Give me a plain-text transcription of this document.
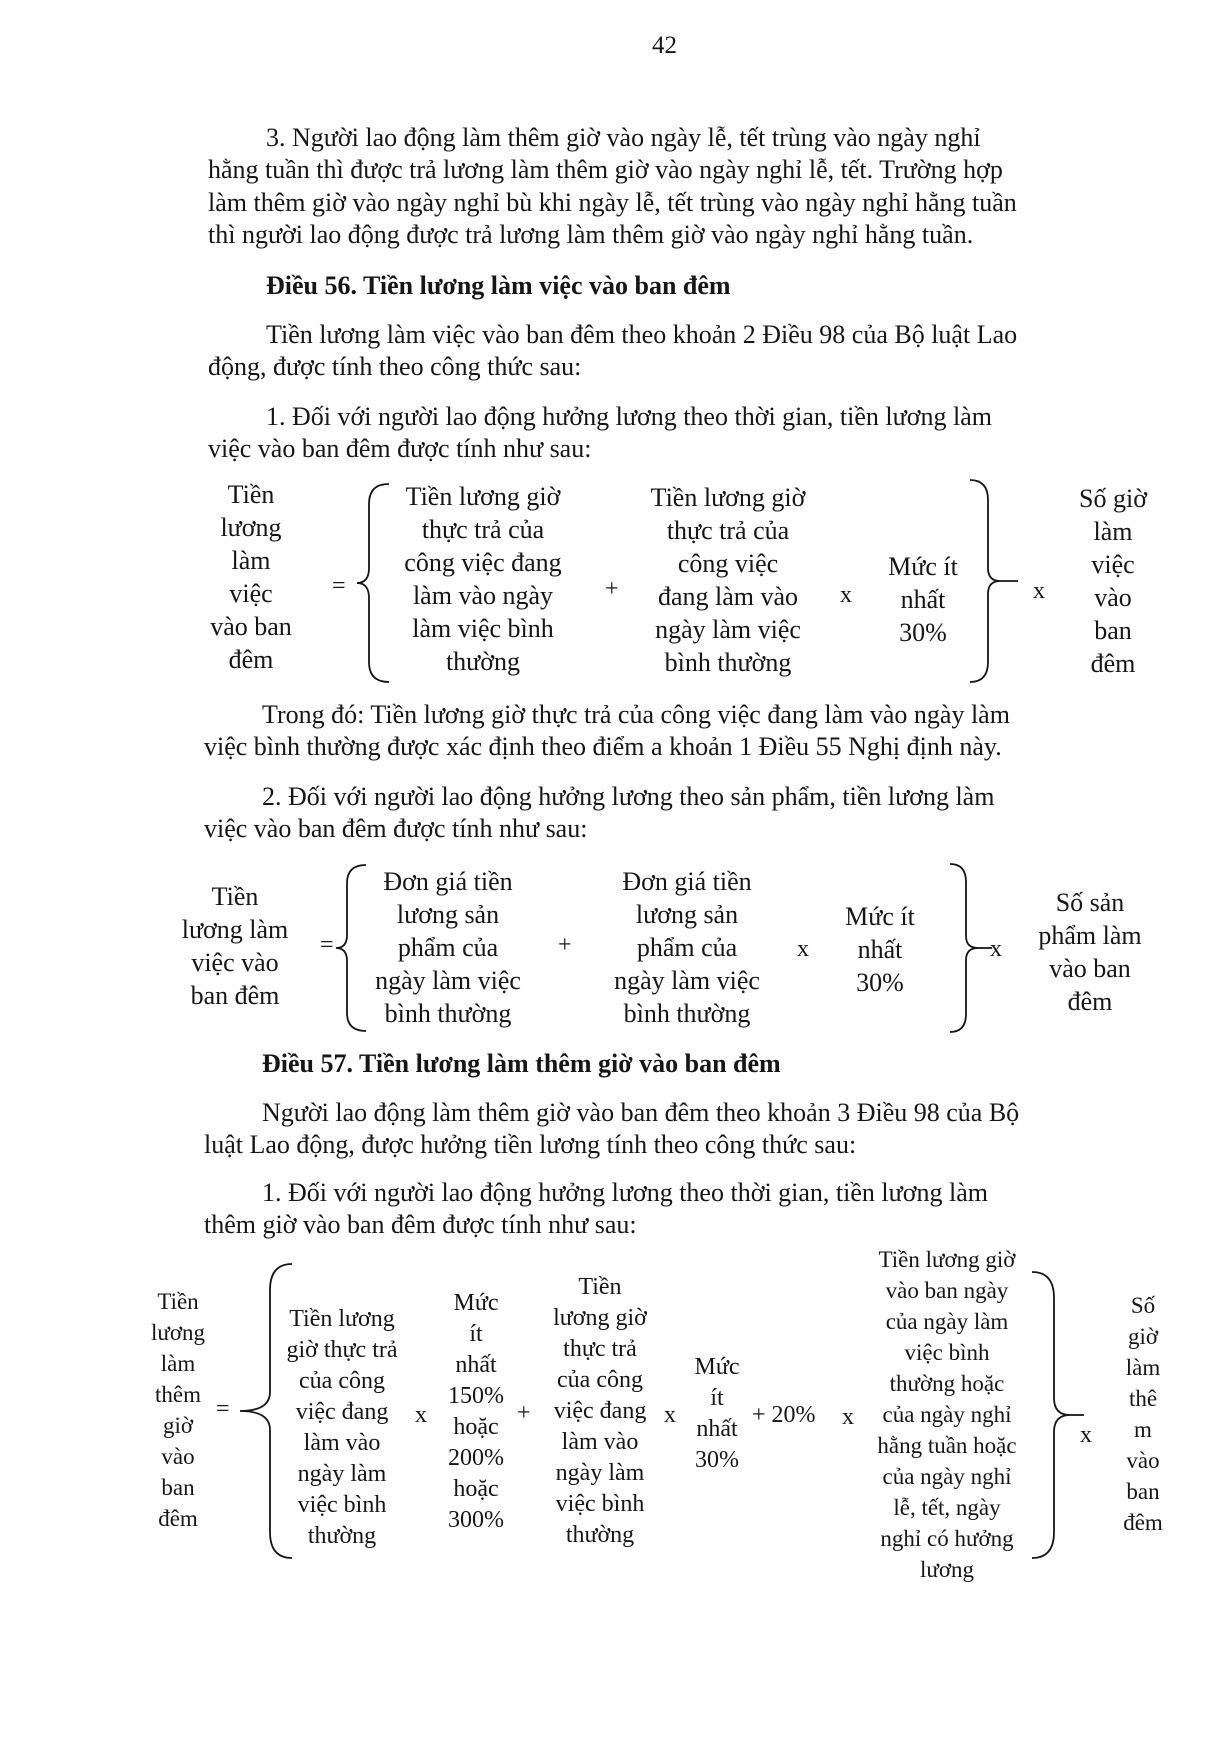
42
3. Người lao động làm thêm giờ vào ngày lễ, tết trùng vào ngày nghỉ
hằng tuần thì được trả lương làm thêm giờ vào ngày nghỉ lễ, tết. Trường hợp
làm thêm giờ vào ngày nghỉ bù khi ngày lễ, tết trùng vào ngày nghỉ hằng tuần
thì người lao động được trả lương làm thêm giờ vào ngày nghỉ hằng tuần.
Điều 56. Tiền lương làm việc vào ban đêm
Tiền lương làm việc vào ban đêm theo khoản 2 Điều 98 của Bộ luật Lao
động, được tính theo công thức sau:
1. Đối với người lao động hưởng lương theo thời gian, tiền lương làm
việc vào ban đêm được tính như sau:
Tiền
lương
làm
việc
vào ban
đêm
=
Tiền lương giờ
thực trả của
công việc đang
làm vào ngày
làm việc bình
thường
+
Tiền lương giờ
thực trả của
công việc
đang làm vào
ngày làm việc
bình thường
x
Mức ít
nhất
30%
x
Số giờ
làm
việc
vào
ban
đêm
Trong đó: Tiền lương giờ thực trả của công việc đang làm vào ngày làm
việc bình thường được xác định theo điểm a khoản 1 Điều 55 Nghị định này.
2. Đối với người lao động hưởng lương theo sản phẩm, tiền lương làm
việc vào ban đêm được tính như sau:
Tiền
lương làm
việc vào
ban đêm
=
Đơn giá tiền
lương sản
phẩm của
ngày làm việc
bình thường
+
Đơn giá tiền
lương sản
phẩm của
ngày làm việc
bình thường
x
Mức ít
nhất
30%
x
Số sản
phẩm làm
vào ban
đêm
Điều 57. Tiền lương làm thêm giờ vào ban đêm
Người lao động làm thêm giờ vào ban đêm theo khoản 3 Điều 98 của Bộ
luật Lao động, được hưởng tiền lương tính theo công thức sau:
1. Đối với người lao động hưởng lương theo thời gian, tiền lương làm
thêm giờ vào ban đêm được tính như sau:
Tiền
lương
làm
thêm
giờ
vào
ban
đêm
=
Tiền lương
giờ thực trả
của công
việc đang
làm vào
ngày làm
việc bình
thường
x
Mức
ít
nhất
150%
hoặc
200%
hoặc
300%
+
Tiền
lương giờ
thực trả
của công
việc đang
làm vào
ngày làm
việc bình
thường
x
Mức
ít
nhất
30%
+ 20% x
Tiền lương giờ
vào ban ngày
của ngày làm
việc bình
thường hoặc
của ngày nghỉ
hằng tuần hoặc
của ngày nghỉ
lễ, tết, ngày
nghỉ có hưởng
lương
x
Số
giờ
làm
thê
m
vào
ban
đêm
